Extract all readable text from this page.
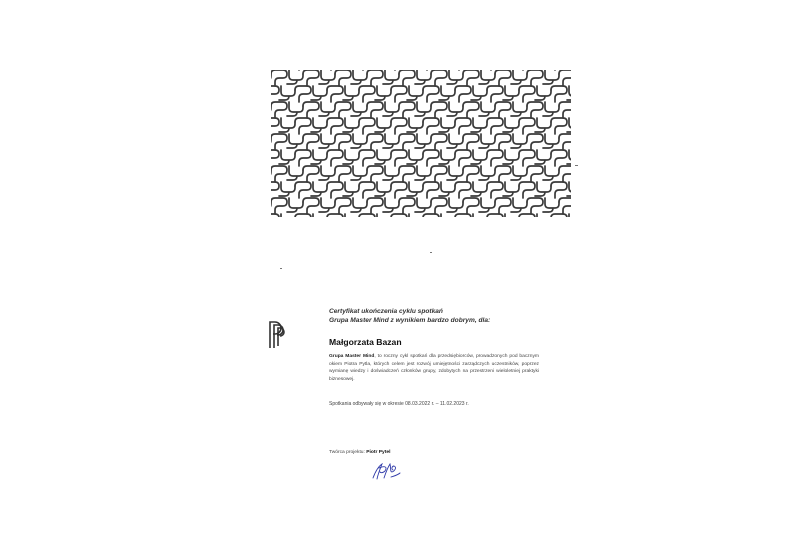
Certyfikat ukończenia cyklu spotkań
Grupa Master Mind z wynikiem bardzo dobrym, dla:
Małgorzata Bazan
Grupa Master Mind, to roczny cykl spotkań dla przedsiębiorców, prowadzonych pod bacznym okiem Piotra Pytla, których celem jest rozwój umiejętności zarządczych uczestników, poprzez wymianę wiedzy i doświadczeń członków grupy, zdobytych na przestrzeni wieloletniej praktyki biznesowej.
Spotkania odbywały się w okresie 08.03.2022 r. – 11.02.2023 r.
Twórca projektu: Piotr Pytel
